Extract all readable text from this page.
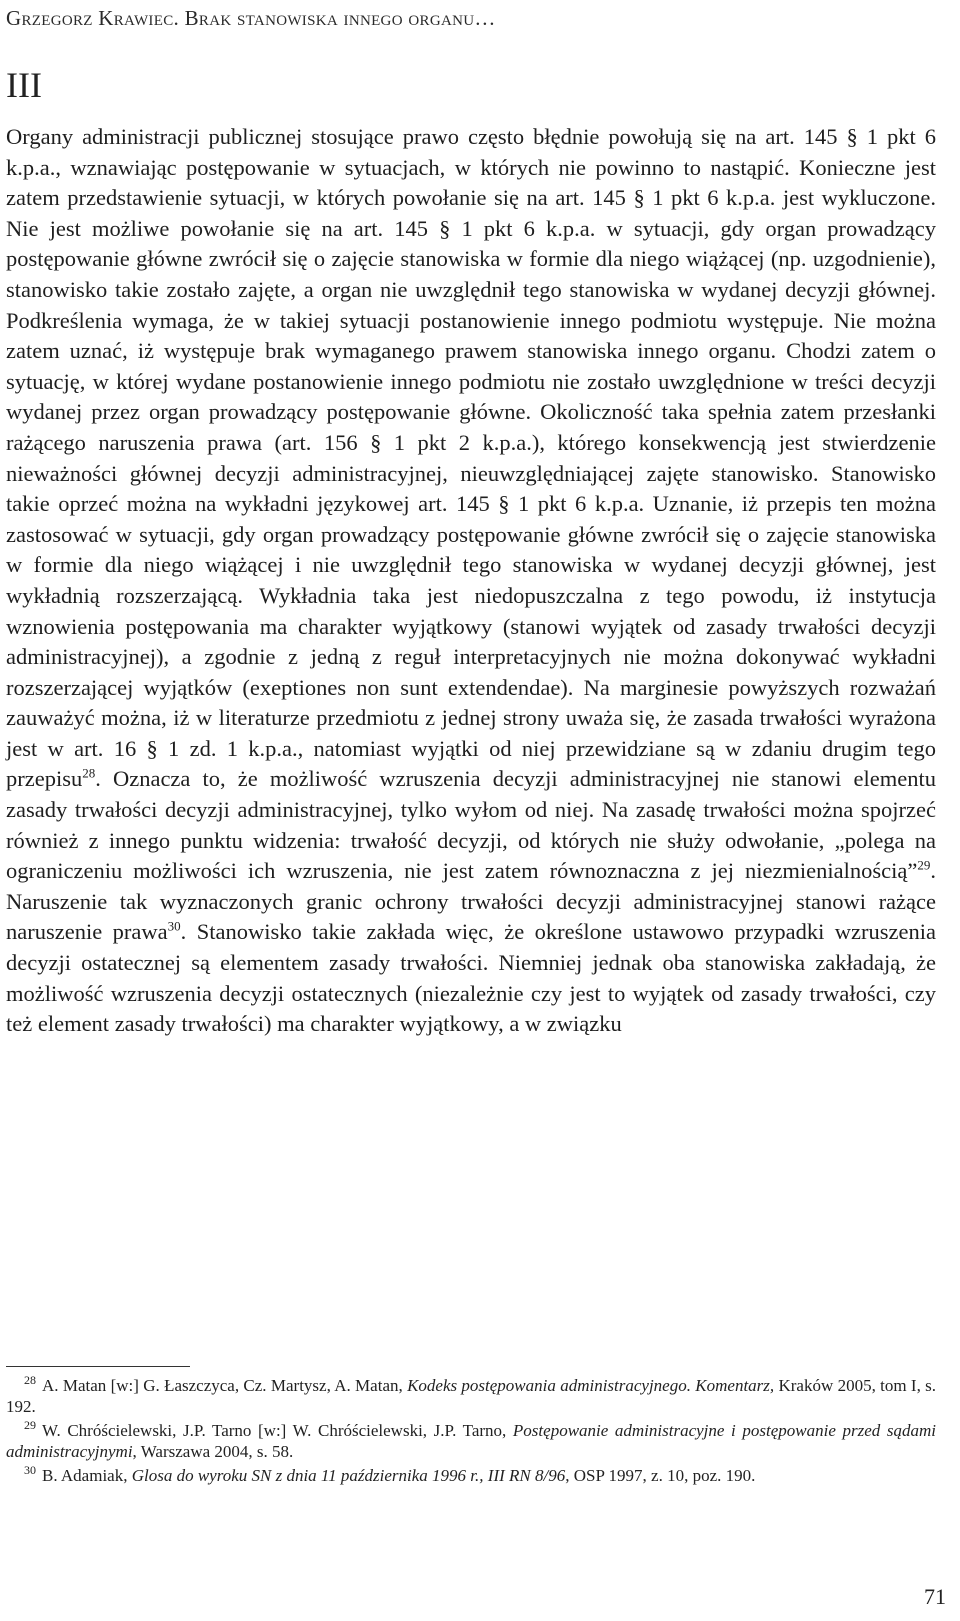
Grzegorz Krawiec. Brak stanowiska innego organu…
III

Organy administracji publicznej stosujące prawo często błędnie powołują się na art. 145 § 1 pkt 6 k.p.a., wznawiając postępowanie w sytuacjach, w których nie powinno to nastąpić. Konieczne jest zatem przedstawienie sytuacji, w których powołanie się na art. 145 § 1 pkt 6 k.p.a. jest wykluczone. Nie jest możliwe powołanie się na art. 145 § 1 pkt 6 k.p.a. w sytuacji, gdy organ prowadzący postępowanie główne zwrócił się o zajęcie stanowiska w formie dla niego wiążącej (np. uzgodnienie), stanowisko takie zostało zajęte, a organ nie uwzględnił tego stanowiska w wydanej decyzji głównej. Podkreślenia wymaga, że w takiej sytuacji postanowienie innego podmiotu występuje. Nie można zatem uznać, iż występuje brak wymaganego prawem stanowiska innego organu. Chodzi zatem o sytuację, w której wydane postanowienie innego podmiotu nie zostało uwzględnione w treści decyzji wydanej przez organ prowadzący postępowanie główne. Okoliczność taka spełnia zatem przesłanki rażącego naruszenia prawa (art. 156 § 1 pkt 2 k.p.a.), którego konsekwencją jest stwierdzenie nieważności głównej decyzji administracyjnej, nieuwzględniającej zajęte stanowisko. Stanowisko takie oprzeć można na wykładni językowej art. 145 § 1 pkt 6 k.p.a. Uznanie, iż przepis ten można zastosować w sytuacji, gdy organ prowadzący postępowanie główne zwrócił się o zajęcie stanowiska w formie dla niego wiążącej i nie uwzględnił tego stanowiska w wydanej decyzji głównej, jest wykładnią rozszerzającą. Wykładnia taka jest niedopuszczalna z tego powodu, iż instytucja wznowienia postępowania ma charakter wyjątkowy (stanowi wyjątek od zasady trwałości decyzji administracyjnej), a zgodnie z jedną z reguł interpretacyjnych nie można dokonywać wykładni rozszerzającej wyjątków (exeptiones non sunt extendendae). Na marginesie powyższych rozważań zauważyć można, iż w literaturze przedmiotu z jednej strony uważa się, że zasada trwałości wyrażona jest w art. 16 § 1 zd. 1 k.p.a., natomiast wyjątki od niej przewidziane są w zdaniu drugim tego przepisu$^{28}$. Oznacza to, że możliwość wzruszenia decyzji administracyjnej nie stanowi elementu zasady trwałości decyzji administracyjnej, tylko wyłom od niej. Na zasadę trwałości można spojrzeć również z innego punktu widzenia: trwałość decyzji, od których nie służy odwołanie, „polega na ograniczeniu możliwości ich wzruszenia, nie jest zatem równoznaczna z jej niezmienialnością”$^{29}$. Naruszenie tak wyznaczonych granic ochrony trwałości decyzji administracyjnej stanowi rażące naruszenie prawa$^{30}$. Stanowisko takie zakłada więc, że określone ustawowo przypadki wzruszenia decyzji ostatecznej są elementem zasady trwałości. Niemniej jednak oba stanowiska zakładają, że możliwość wzruszenia decyzji ostatecznych (niezależnie czy jest to wyjątek od zasady trwałości, czy też element zasady trwałości) ma charakter wyjątkowy, a w związku

$^{28}$ A. Matan [w:] G. Łaszczyca, Cz. Martysz, A. Matan, Kodeks postępowania administracyjnego. Komentarz, Kraków 2005, tom I, s. 192.

$^{29}$ W. Chróścielewski, J.P. Tarno [w:] W. Chróścielewski, J.P. Tarno, Postępowanie administracyjne i postępowanie przed sądami administracyjnymi, Warszawa 2004, s. 58.

$^{30}$ B. Adamiak, Glosa do wyroku SN z dnia 11 października 1996 r., III RN 8/96, OSP 1997, z. 10, poz. 190.

71
